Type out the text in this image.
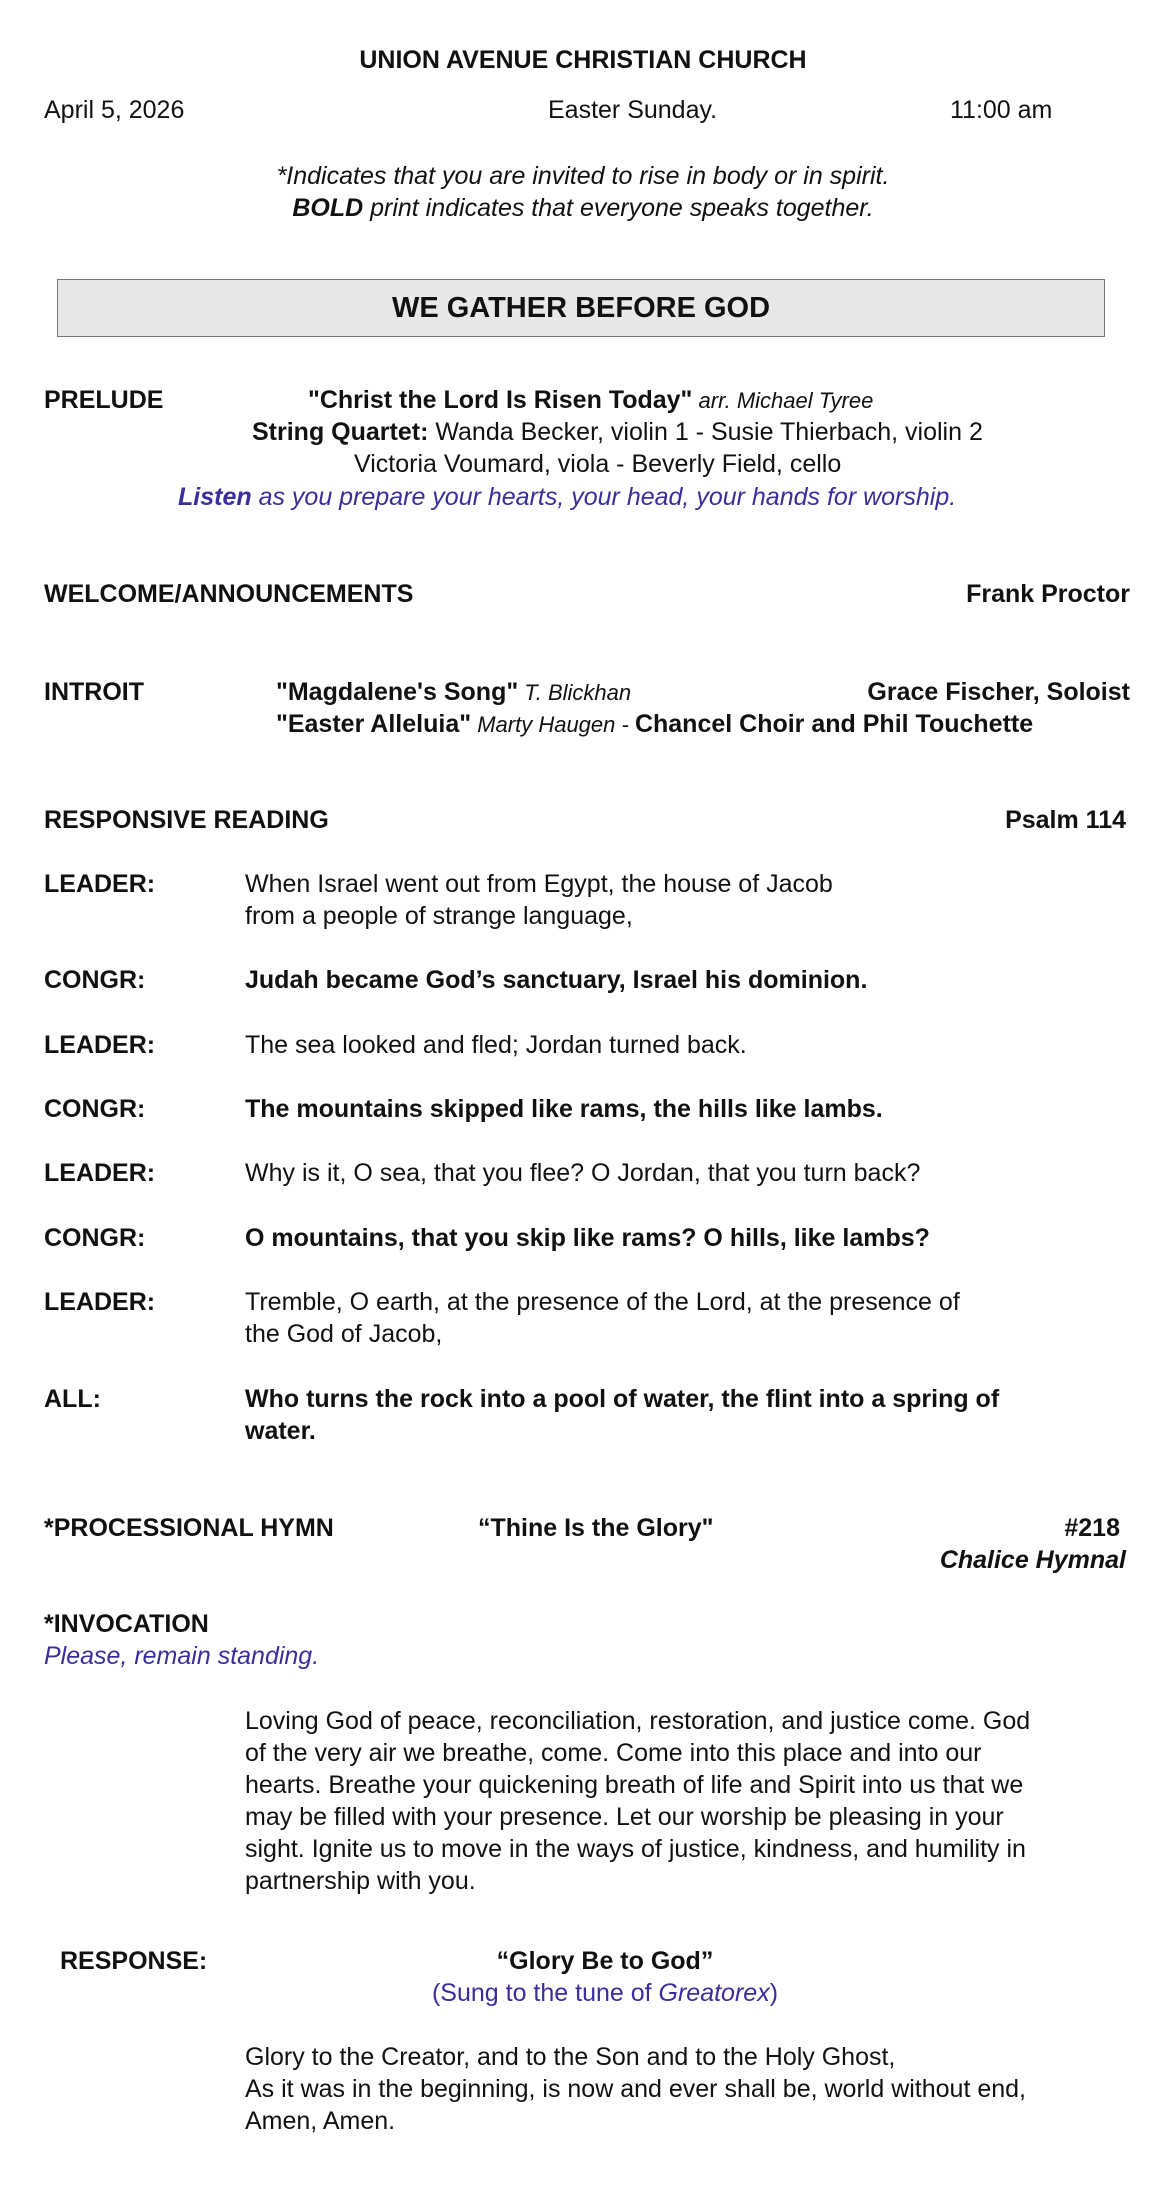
UNION AVENUE CHRISTIAN CHURCH
April 5, 2026	Easter Sunday.	11:00 am
*Indicates that you are invited to rise in body or in spirit.
BOLD print indicates that everyone speaks together.
WE GATHER BEFORE GOD
PRELUDE	"Christ the Lord Is Risen Today" arr. Michael Tyree
String Quartet: Wanda Becker, violin 1 - Susie Thierbach, violin 2
Victoria Voumard, viola - Beverly Field, cello
Listen as you prepare your hearts, your head, your hands for worship.
WELCOME/ANNOUNCEMENTS	Frank Proctor
INTROIT	"Magdalene's Song" T. Blickhan	Grace Fischer, Soloist
"Easter Alleluia" Marty Haugen - Chancel Choir and Phil Touchette
RESPONSIVE READING	Psalm 114
LEADER:	When Israel went out from Egypt, the house of Jacob
from a people of strange language,
CONGR:	Judah became God’s sanctuary, Israel his dominion.
LEADER:	The sea looked and fled; Jordan turned back.
CONGR:	The mountains skipped like rams, the hills like lambs.
LEADER:	Why is it, O sea, that you flee? O Jordan, that you turn back?
CONGR:	O mountains, that you skip like rams? O hills, like lambs?
LEADER:	Tremble, O earth, at the presence of the Lord, at the presence of
the God of Jacob,
ALL:	Who turns the rock into a pool of water, the flint into a spring of
water.
*PROCESSIONAL HYMN	“Thine Is the Glory"	#218
Chalice Hymnal
*INVOCATION
Please, remain standing.
Loving God of peace, reconciliation, restoration, and justice come. God
of the very air we breathe, come. Come into this place and into our
hearts. Breathe your quickening breath of life and Spirit into us that we
may be filled with your presence. Let our worship be pleasing in your
sight. Ignite us to move in the ways of justice, kindness, and humility in
partnership with you.
RESPONSE:	“Glory Be to God”
(Sung to the tune of Greatorex)
Glory to the Creator, and to the Son and to the Holy Ghost,
As it was in the beginning, is now and ever shall be, world without end,
Amen, Amen.
